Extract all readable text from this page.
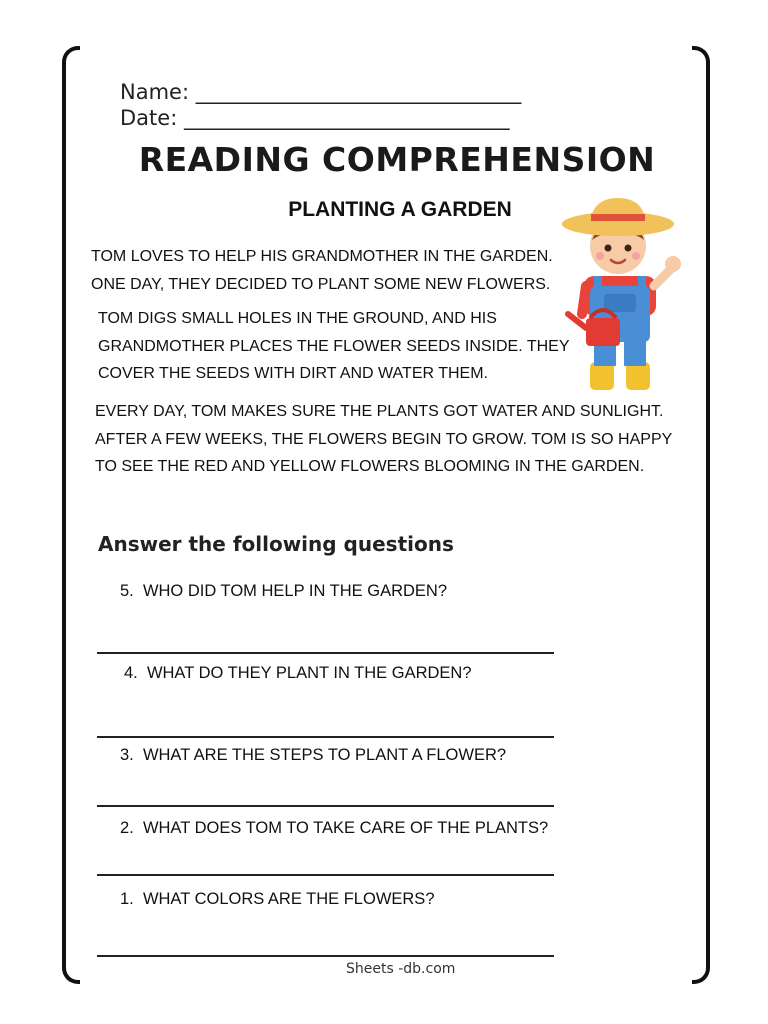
Name: _______________________________
Date: _______________________________
READING COMPREHENSION
PLANTING A GARDEN
TOM LOVES TO HELP HIS GRANDMOTHER IN THE GARDEN.
ONE DAY, THEY DECIDED TO PLANT SOME NEW FLOWERS.
TOM DIGS SMALL HOLES IN THE GROUND, AND HIS
GRANDMOTHER PLACES THE FLOWER SEEDS INSIDE. THEY
COVER THE SEEDS WITH DIRT AND WATER THEM.
EVERY DAY, TOM MAKES SURE THE PLANTS GOT WATER AND SUNLIGHT.
AFTER A FEW WEEKS, THE FLOWERS BEGIN TO GROW. TOM IS SO HAPPY
TO SEE THE RED AND YELLOW FLOWERS BLOOMING IN THE GARDEN.
Answer the following questions
5. WHO DID TOM HELP IN THE GARDEN?
4. WHAT DO THEY PLANT IN THE GARDEN?
3. WHAT ARE THE STEPS TO PLANT A FLOWER?
2. WHAT DOES TOM TO TAKE CARE OF THE PLANTS?
1. WHAT COLORS ARE THE FLOWERS?
Sheets -db.com
